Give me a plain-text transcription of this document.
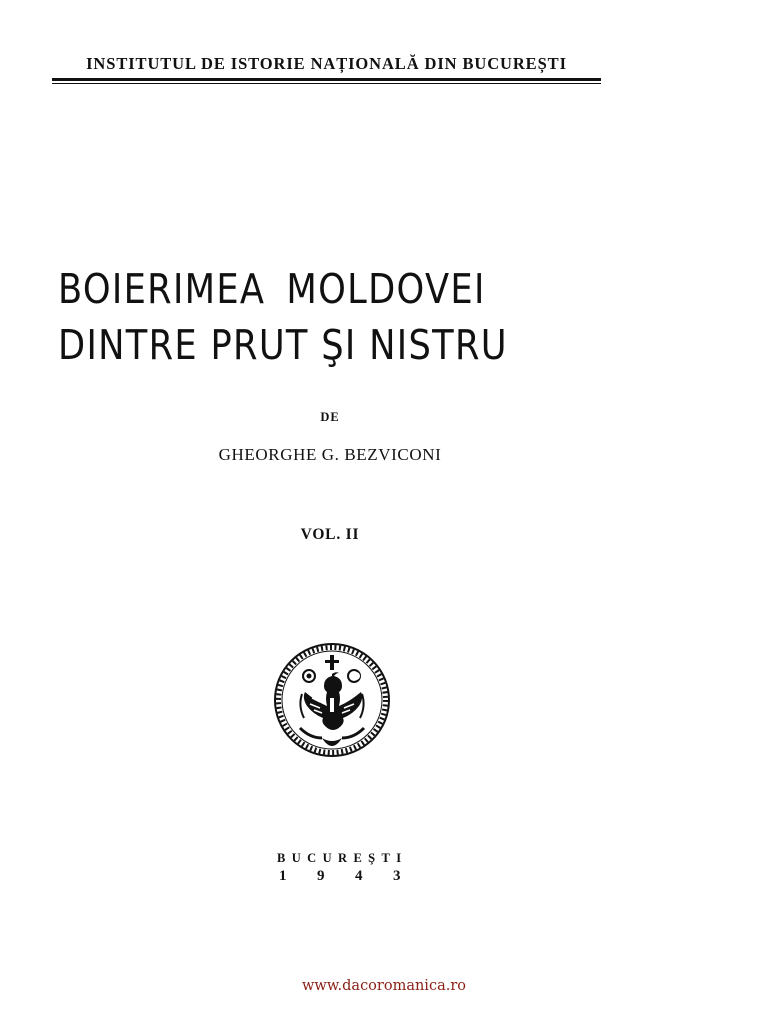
INSTITUTUL DE ISTORIE NAȚIONALĂ DIN BUCUREȘTI
BOIERIMEA MOLDOVEI
DINTRE PRUT ŞI NISTRU
DE
GHEORGHE G. BEZVICONI
VOL. II
BUCUREŞTI
1943
www.dacoromanica.ro
